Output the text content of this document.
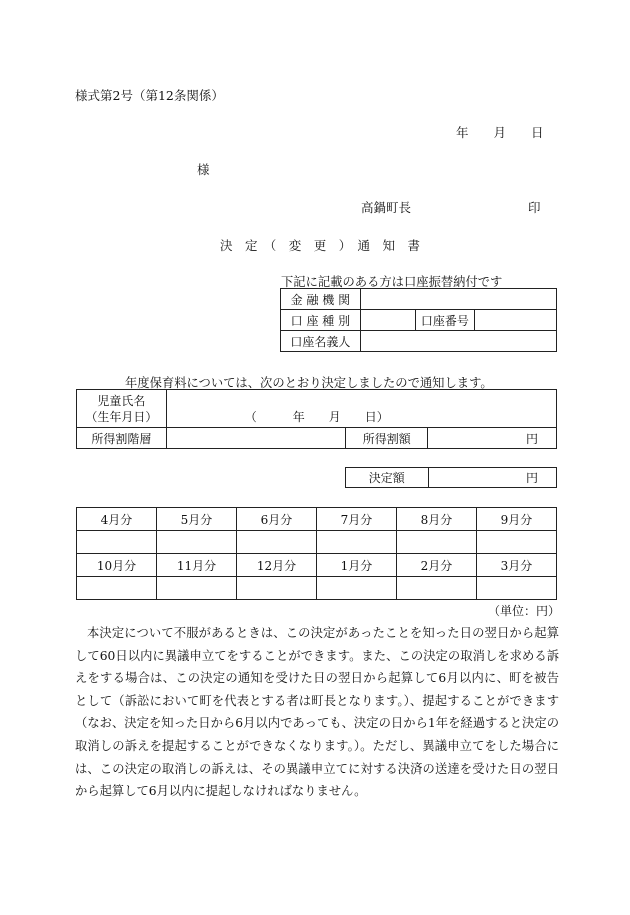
様式第2号（第12条関係）
年　　月　　日
様
高鍋町長	印
決　定　（　変　更　）　通　知　書
下記に記載のある方は口座振替納付です
金 融 機 関			
口 座 種 別		口座番号	
口座名義人			
年度保育料については、次のとおり決定しましたので通知します。
児童氏名
（生年月日）	（　　　年　　月　　日）		
所得割階層		所得割額	円
決定額	円
4月分	5月分	6月分	7月分	8月分	9月分

10月分	11月分	12月分	1月分	2月分	3月分

（単位：円）
本決定について不服があるときは、この決定があったことを知った日の翌日から起算して60日以内に異議申立てをすることができます。また、この決定の取消しを求める訴えをする場合は、この決定の通知を受けた日の翌日から起算して6月以内に、町を被告として（訴訟において町を代表とする者は町長となります。）、提起することができます（なお、決定を知った日から6月以内であっても、決定の日から1年を経過すると決定の取消しの訴えを提起することができなくなります。）。ただし、異議申立てをした場合には、この決定の取消しの訴えは、その異議申立てに対する決済の送達を受けた日の翌日から起算して6月以内に提起しなければなりません。
